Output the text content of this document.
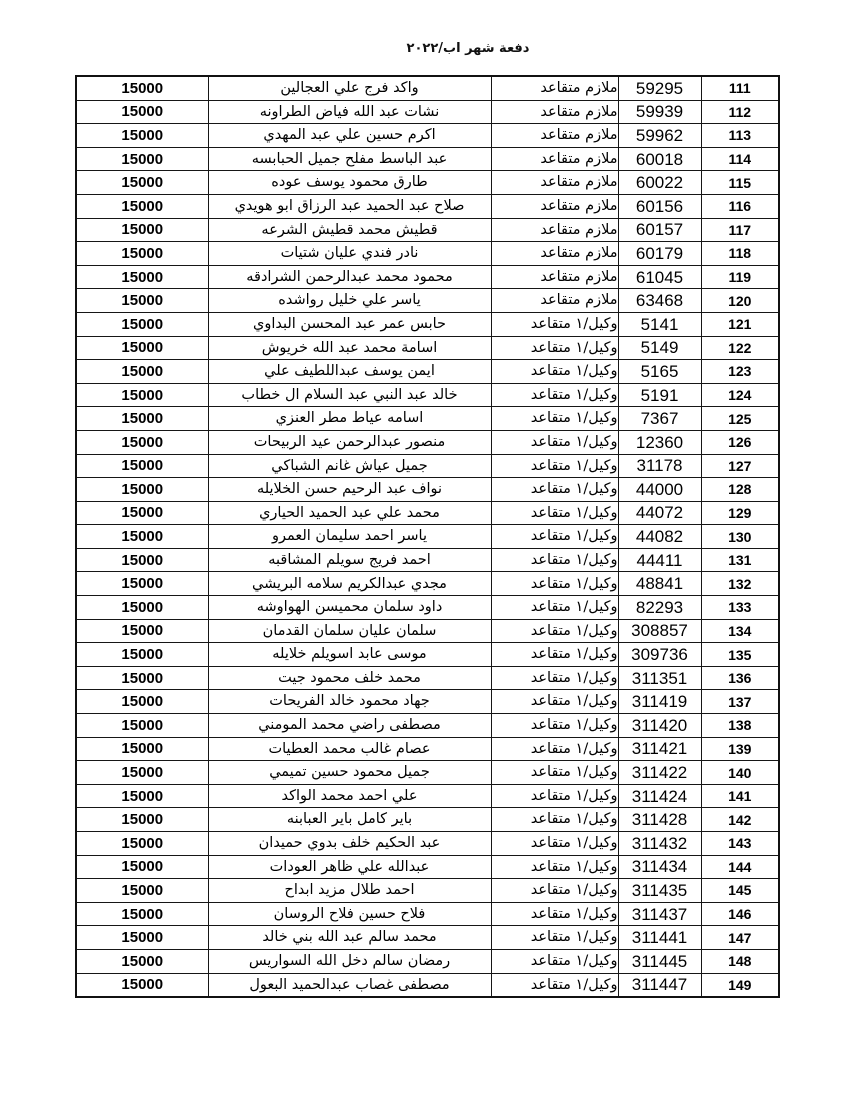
دفعة شهر اب/٢٠٢٢
111	59295	ملازم متقاعد	واكد فرج علي العجالين	15000
112	59939	ملازم متقاعد	نشات عبد الله فياض الطراونه	15000
113	59962	ملازم متقاعد	اكرم حسين علي عبد المهدي	15000
114	60018	ملازم متقاعد	عبد الباسط مفلح جميل الحبابسه	15000
115	60022	ملازم متقاعد	طارق محمود يوسف عوده	15000
116	60156	ملازم متقاعد	صلاح عبد الحميد عبد الرزاق ابو هويدي	15000
117	60157	ملازم متقاعد	قطيش محمد قطيش الشرعه	15000
118	60179	ملازم متقاعد	نادر فندي عليان شتيات	15000
119	61045	ملازم متقاعد	محمود محمد عبدالرحمن الشرادقه	15000
120	63468	ملازم متقاعد	ياسر علي خليل رواشده	15000
121	5141	وكيل/١ متقاعد	حابس عمر عبد المحسن البداوي	15000
122	5149	وكيل/١ متقاعد	اسامة محمد عبد الله خريوش	15000
123	5165	وكيل/١ متقاعد	ايمن يوسف عبداللطيف علي	15000
124	5191	وكيل/١ متقاعد	خالد عبد النبي عبد السلام ال خطاب	15000
125	7367	وكيل/١ متقاعد	اسامه عياط مطر العنزي	15000
126	12360	وكيل/١ متقاعد	منصور عبدالرحمن عيد الربيحات	15000
127	31178	وكيل/١ متقاعد	جميل عياش غانم الشباكي	15000
128	44000	وكيل/١ متقاعد	نواف عبد الرحيم حسن الخلايله	15000
129	44072	وكيل/١ متقاعد	محمد علي عبد الحميد الحياري	15000
130	44082	وكيل/١ متقاعد	ياسر احمد سليمان العمرو	15000
131	44411	وكيل/١ متقاعد	احمد فريج سويلم المشاقبه	15000
132	48841	وكيل/١ متقاعد	مجدي عبدالكريم سلامه البريشي	15000
133	82293	وكيل/١ متقاعد	داود سلمان محميسن الهواوشه	15000
134	308857	وكيل/١ متقاعد	سلمان عليان سلمان القدمان	15000
135	309736	وكيل/١ متقاعد	موسى عابد اسويلم خلايله	15000
136	311351	وكيل/١ متقاعد	محمد خلف محمود جيت	15000
137	311419	وكيل/١ متقاعد	جهاد محمود خالد الفريحات	15000
138	311420	وكيل/١ متقاعد	مصطفى راضي محمد المومني	15000
139	311421	وكيل/١ متقاعد	عصام غالب محمد العطيات	15000
140	311422	وكيل/١ متقاعد	جميل محمود حسين تميمي	15000
141	311424	وكيل/١ متقاعد	علي احمد محمد الواكد	15000
142	311428	وكيل/١ متقاعد	باير كامل باير العبابنه	15000
143	311432	وكيل/١ متقاعد	عبد الحكيم خلف بدوي حميدان	15000
144	311434	وكيل/١ متقاعد	عبدالله علي ظاهر العودات	15000
145	311435	وكيل/١ متقاعد	احمد طلال مزيد ابداح	15000
146	311437	وكيل/١ متقاعد	فلاح حسين فلاح الروسان	15000
147	311441	وكيل/١ متقاعد	محمد سالم عبد الله بني خالد	15000
148	311445	وكيل/١ متقاعد	رمضان سالم دخل الله السواريس	15000
149	311447	وكيل/١ متقاعد	مصطفى غصاب عبدالحميد البعول	15000
